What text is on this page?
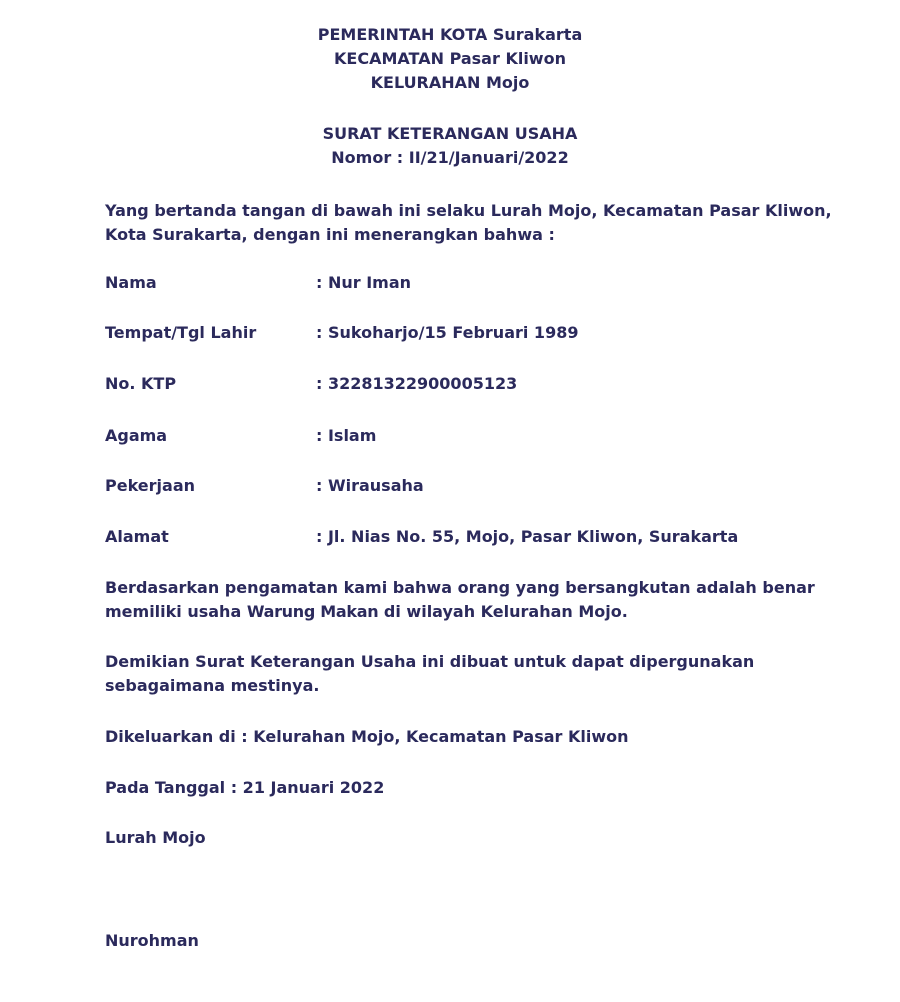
PEMERINTAH KOTA Surakarta
KECAMATAN Pasar Kliwon
KELURAHAN Mojo
SURAT KETERANGAN USAHA
Nomor : II/21/Januari/2022
Yang bertanda tangan di bawah ini selaku Lurah Mojo, Kecamatan Pasar Kliwon,
Kota Surakarta, dengan ini menerangkan bahwa :
Nama	: Nur Iman
Tempat/Tgl Lahir	: Sukoharjo/15 Februari 1989
No. KTP	: 32281322900005123
Agama	: Islam
Pekerjaan	: Wirausaha
Alamat	: Jl. Nias No. 55, Mojo, Pasar Kliwon, Surakarta
Berdasarkan pengamatan kami bahwa orang yang bersangkutan adalah benar
memiliki usaha Warung Makan di wilayah Kelurahan Mojo.
Demikian Surat Keterangan Usaha ini dibuat untuk dapat dipergunakan
sebagaimana mestinya.
Dikeluarkan di : Kelurahan Mojo, Kecamatan Pasar Kliwon
Pada Tanggal : 21 Januari 2022
Lurah Mojo
Nurohman
